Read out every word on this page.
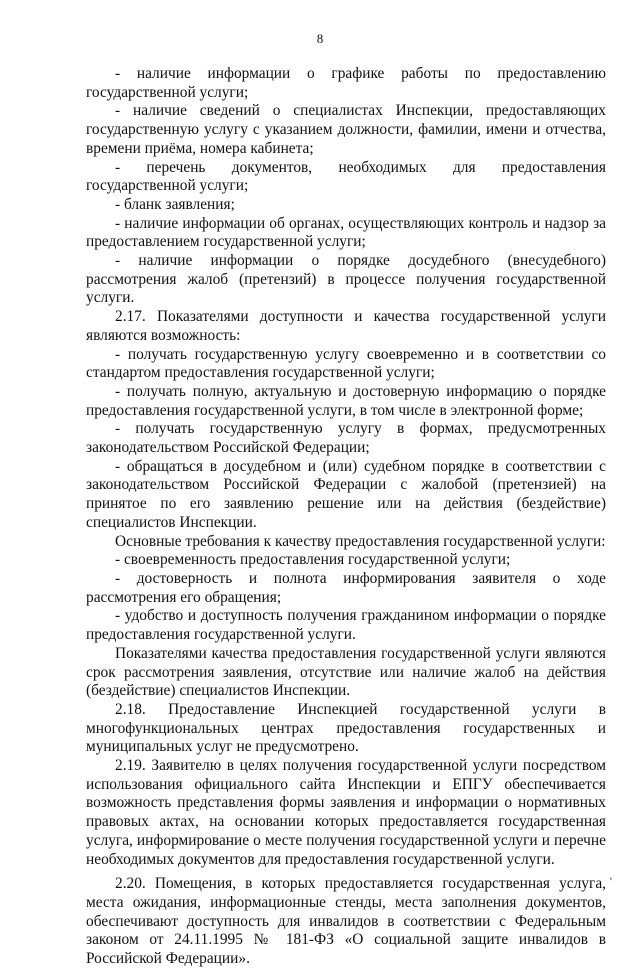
8

- наличие информации о графике работы по предоставлению государственной услуги;

- наличие сведений о специалистах Инспекции, предоставляющих государственную услугу с указанием должности, фамилии, имени и отчества, времени приёма, номера кабинета;

- перечень документов, необходимых для предоставления государственной услуги;

- бланк заявления;

- наличие информации об органах, осуществляющих контроль и надзор за предоставлением государственной услуги;

- наличие информации о порядке досудебного (внесудебного) рассмотрения жалоб (претензий) в процессе получения государственной услуги.

2.17. Показателями доступности и качества государственной услуги являются возможность:

- получать государственную услугу своевременно и в соответствии со стандартом предоставления государственной услуги;

- получать полную, актуальную и достоверную информацию о порядке предоставления государственной услуги, в том числе в электронной форме;

- получать государственную услугу в формах, предусмотренных законодательством Российской Федерации;

- обращаться в досудебном и (или) судебном порядке в соответствии с законодательством Российской Федерации с жалобой (претензией) на принятое по его заявлению решение или на действия (бездействие) специалистов Инспекции.

Основные требования к качеству предоставления государственной услуги:

- своевременность предоставления государственной услуги;

- достоверность и полнота информирования заявителя о ходе рассмотрения его обращения;

- удобство и доступность получения гражданином информации о порядке предоставления государственной услуги.

Показателями качества предоставления государственной услуги являются срок рассмотрения заявления, отсутствие или наличие жалоб на действия (бездействие) специалистов Инспекции.

2.18. Предоставление Инспекцией государственной услуги в многофункциональных центрах предоставления государственных и муниципальных услуг не предусмотрено.

2.19. Заявителю в целях получения государственной услуги посредством использования официального сайта Инспекции и ЕПГУ обеспечивается возможность представления формы заявления и информации о нормативных правовых актах, на основании которых предоставляется государственная услуга, информирование о месте получения государственной услуги и перечне необходимых документов для предоставления государственной услуги.

2.20. Помещения, в которых предоставляется государственная услуга, места ожидания, информационные стенды, места заполнения документов, обеспечивают доступность для инвалидов в соответствии с Федеральным законом от 24.11.1995 № 181-ФЗ «О социальной защите инвалидов в Российской Федерации».

'
